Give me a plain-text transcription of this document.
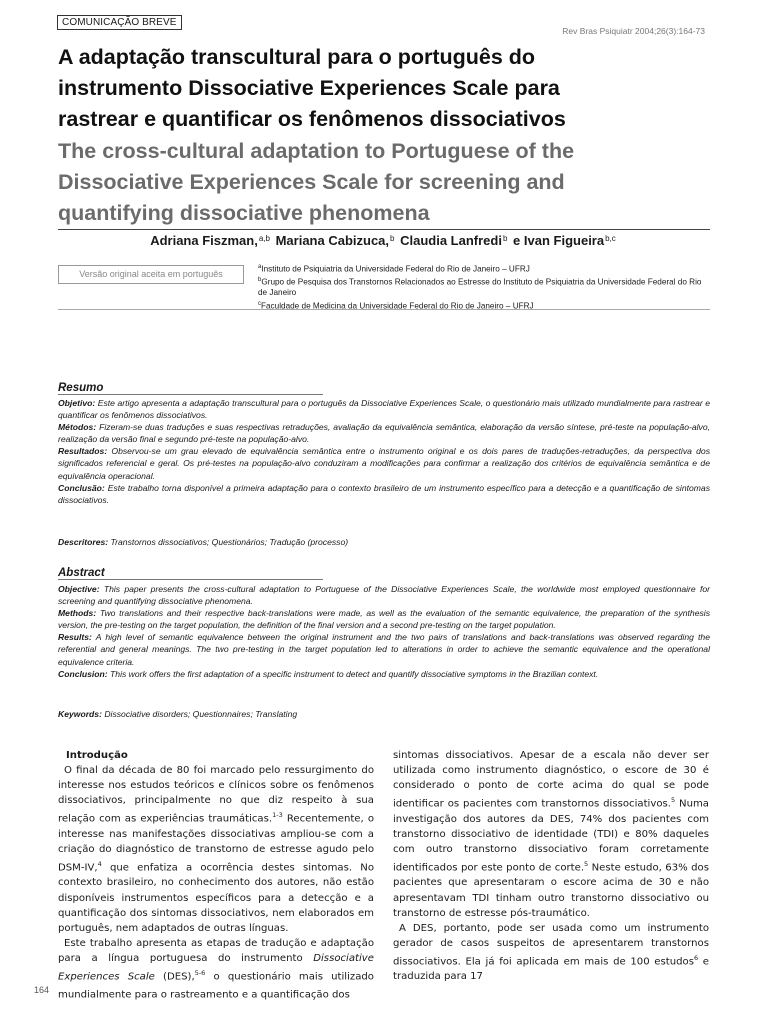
COMUNICAÇÃO BREVE
Rev Bras Psiquiatr 2004;26(3):164-73
A adaptação transcultural para o português do
instrumento Dissociative Experiences Scale para
rastrear e quantificar os fenômenos dissociativos
The cross-cultural adaptation to Portuguese of the
Dissociative Experiences Scale for screening and
quantifying dissociative phenomena
Adriana Fiszman,$^{a,b}$ Mariana Cabizuca,$^b$ Claudia Lanfredi$^b$ e Ivan Figueira$^{b,c}$
Versão original aceita em português
$^a$Instituto de Psiquiatria da Universidade Federal do Rio de Janeiro – UFRJ
$^b$Grupo de Pesquisa dos Transtornos Relacionados ao Estresse do Instituto de Psiquiatria da Universidade Federal do Rio de Janeiro
$^c$Faculdade de Medicina da Universidade Federal do Rio de Janeiro – UFRJ
Resumo

Objetivo: Este artigo apresenta a adaptação transcultural para o português da Dissociative Experiences Scale, o questionário mais utilizado mundialmente para rastrear e quantificar os fenômenos dissociativos.

Métodos: Fizeram-se duas traduções e suas respectivas retraduções, avaliação da equivalência semântica, elaboração da versão síntese, pré-teste na população-alvo, realização da versão final e segundo pré-teste na população-alvo.

Resultados: Observou-se um grau elevado de equivalência semântica entre o instrumento original e os dois pares de traduções-retraduções, da perspectiva dos significados referencial e geral. Os pré-testes na população-alvo conduziram a modificações para confirmar a realização dos critérios de equivalência semântica e de equivalência operacional.

Conclusão: Este trabalho torna disponível a primeira adaptação para o contexto brasileiro de um instrumento específico para a detecção e a quantificação de sintomas dissociativos.

Descritores: Transtornos dissociativos; Questionários; Tradução (processo)
Abstract

Objective: This paper presents the cross-cultural adaptation to Portuguese of the Dissociative Experiences Scale, the worldwide most employed questionnaire for screening and quantifying dissociative phenomena.

Methods: Two translations and their respective back-translations were made, as well as the evaluation of the semantic equivalence, the preparation of the synthesis version, the pre-testing on the target population, the definition of the final version and a second pre-testing on the target population.

Results: A high level of semantic equivalence between the original instrument and the two pairs of translations and back-translations was observed regarding the referential and general meanings. The two pre-testing in the target population led to alterations in order to achieve the semantic equivalence and the operational equivalence criteria.

Conclusion: This work offers the first adaptation of a specific instrument to detect and quantify dissociative symptoms in the Brazilian context.

Keywords: Dissociative disorders; Questionnaires; Translating

Introdução

O final da década de 80 foi marcado pelo ressurgimento do interesse nos estudos teóricos e clínicos sobre os fenômenos dissociativos, principalmente no que diz respeito à sua relação com as experiências traumáticas.$^{1-3}$ Recentemente, o interesse nas manifestações dissociativas ampliou-se com a criação do diagnóstico de transtorno de estresse agudo pelo DSM-IV,$^4$ que enfatiza a ocorrência destes sintomas. No contexto brasileiro, no conhecimento dos autores, não estão disponíveis instrumentos específicos para a detecção e a quantificação dos sintomas dissociativos, nem elaborados em português, nem adaptados de outras línguas.

Este trabalho apresenta as etapas de tradução e adaptação para a língua portuguesa do instrumento Dissociative Experiences Scale (DES),$^{5-6}$ o questionário mais utilizado mundialmente para o rastreamento e a quantificação dos

sintomas dissociativos. Apesar de a escala não dever ser utilizada como instrumento diagnóstico, o escore de 30 é considerado o ponto de corte acima do qual se pode identificar os pacientes com transtornos dissociativos.$^5$ Numa investigação dos autores da DES, 74% dos pacientes com transtorno dissociativo de identidade (TDI) e 80% daqueles com outro transtorno dissociativo foram corretamente identificados por este ponto de corte.$^5$ Neste estudo, 63% dos pacientes que apresentaram o escore acima de 30 e não apresentavam TDI tinham outro transtorno dissociativo ou transtorno de estresse pós-traumático.

A DES, portanto, pode ser usada como um instrumento gerador de casos suspeitos de apresentarem transtornos dissociativos. Ela já foi aplicada em mais de 100 estudos$^6$ e traduzida para 17

164
